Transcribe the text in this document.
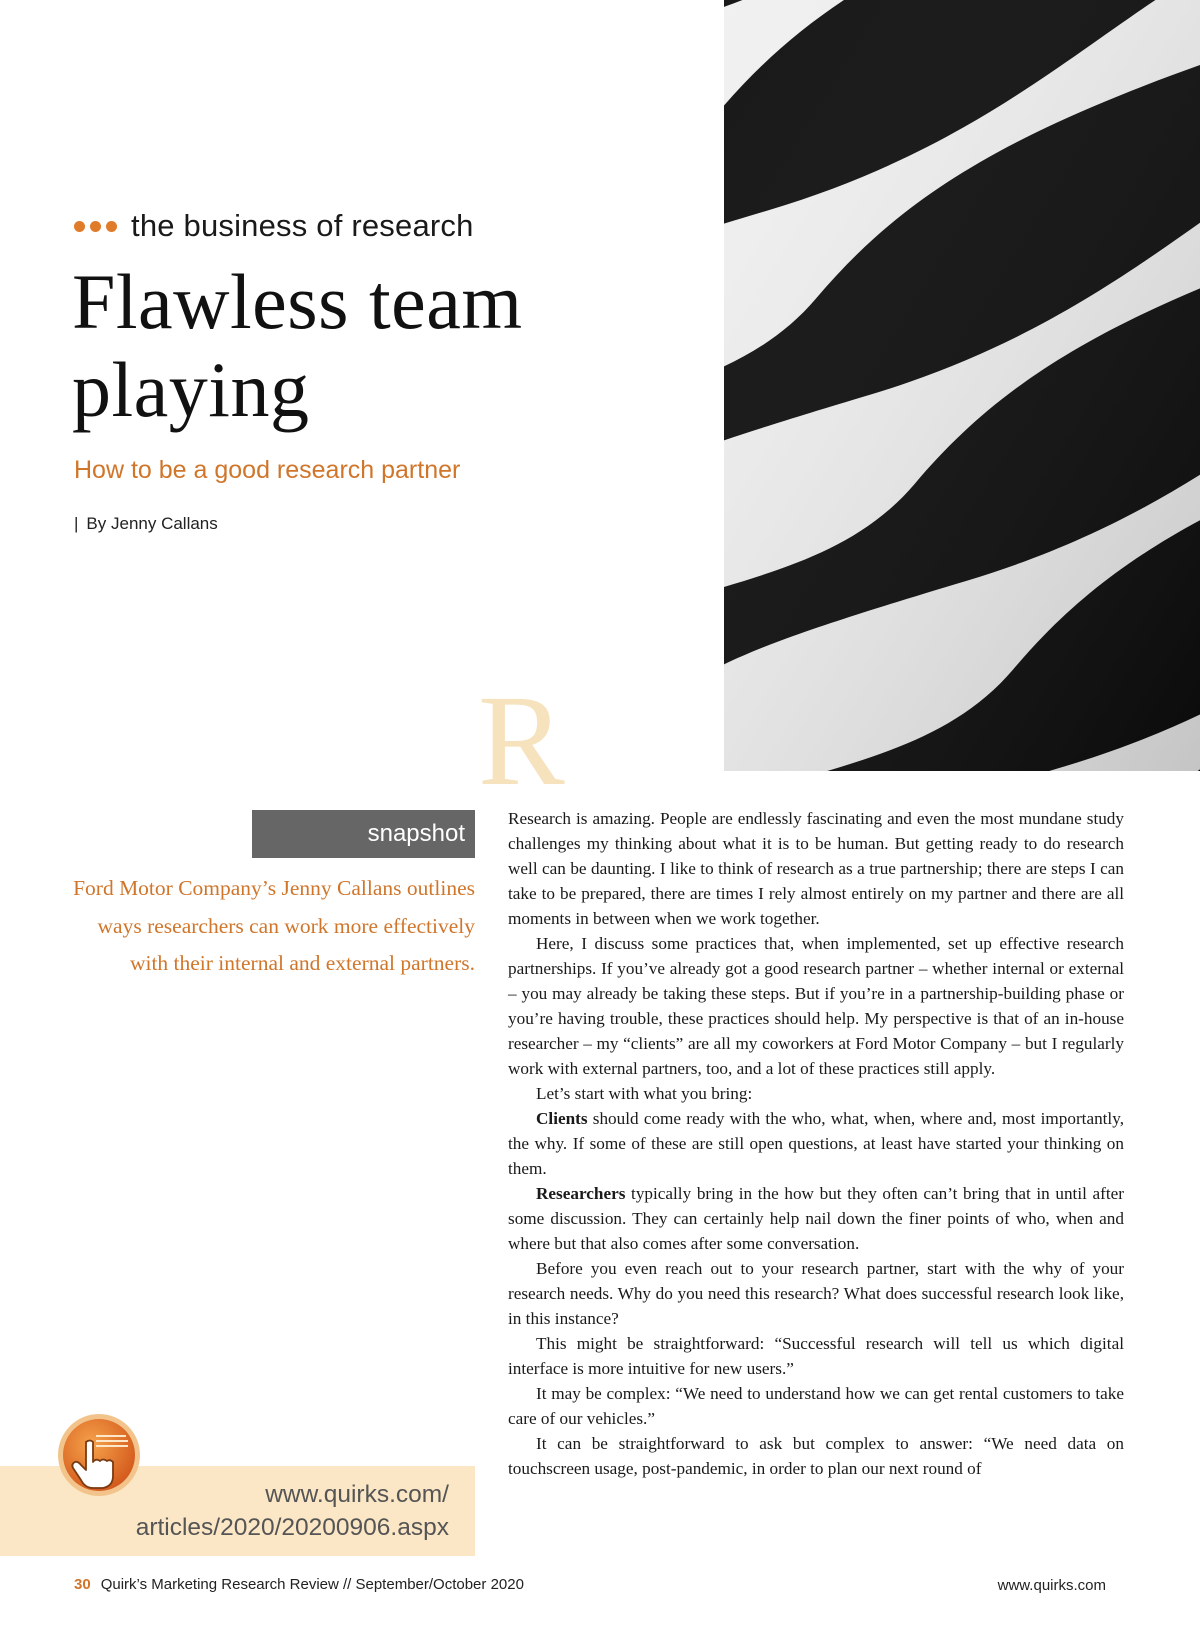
the business of research
Flawless team playing
How to be a good research partner
| By Jenny Callans
R
snapshot
Ford Motor Company’s Jenny Callans outlines ways researchers can work more effectively with their internal and external partners.

Research is amazing. People are endlessly fascinating and even the most mundane study challenges my thinking about what it is to be human. But getting ready to do research well can be daunting. I like to think of research as a true partnership; there are steps I can take to be prepared, there are times I rely almost entirely on my partner and there are all moments in between when we work together.

Here, I discuss some practices that, when implemented, set up effective research partnerships. If you’ve already got a good research partner – whether internal or external – you may already be taking these steps. But if you’re in a partnership-building phase or you’re having trouble, these practices should help. My perspective is that of an in-house researcher – my “clients” are all my coworkers at Ford Motor Company – but I regularly work with external partners, too, and a lot of these practices still apply.

Let’s start with what you bring:

Clients should come ready with the who, what, when, where and, most importantly, the why. If some of these are still open questions, at least have started your thinking on them.

Researchers typically bring in the how but they often can’t bring that in until after some discussion. They can certainly help nail down the finer points of who, when and where but that also comes after some conversation.

Before you even reach out to your research partner, start with the why of your research needs. Why do you need this research? What does successful research look like, in this instance?

This might be straightforward: “Successful research will tell us which digital interface is more intuitive for new users.”

It may be complex: “We need to understand how we can get rental customers to take care of our vehicles.”

It can be straightforward to ask but complex to answer: “We need data on touchscreen usage, post-pandemic, in order to plan our next round of

www.quirks.com/
articles/2020/20200906.aspx
30 Quirk’s Marketing Research Review // September/October 2020	www.quirks.com
